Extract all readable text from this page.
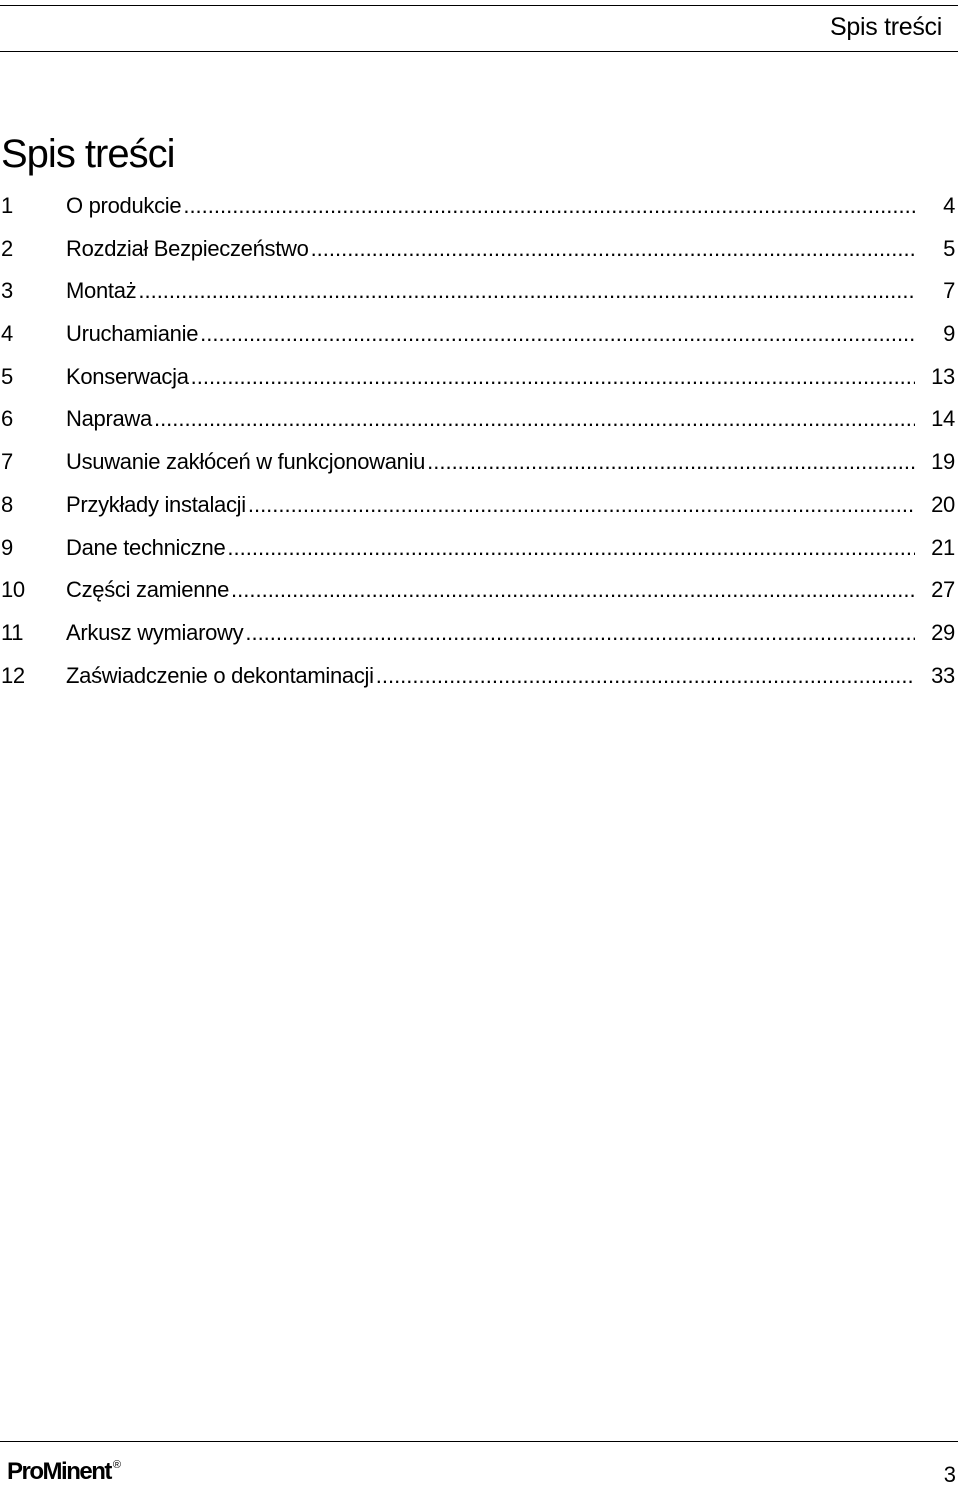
Spis treści
Spis treści
1	O produkcie .....	4
2	Rozdział Bezpieczeństwo .....	5
3	Montaż .....	7
4	Uruchamianie .....	9
5	Konserwacja .....	13
6	Naprawa .....	14
7	Usuwanie zakłóceń w funkcjonowaniu .....	19
8	Przykłady instalacji .....	20
9	Dane techniczne .....	21
10	Części zamienne .....	27
11	Arkusz wymiarowy .....	29
12	Zaświadczenie o dekontaminacji .....	33
Pr o Minent ®	3
